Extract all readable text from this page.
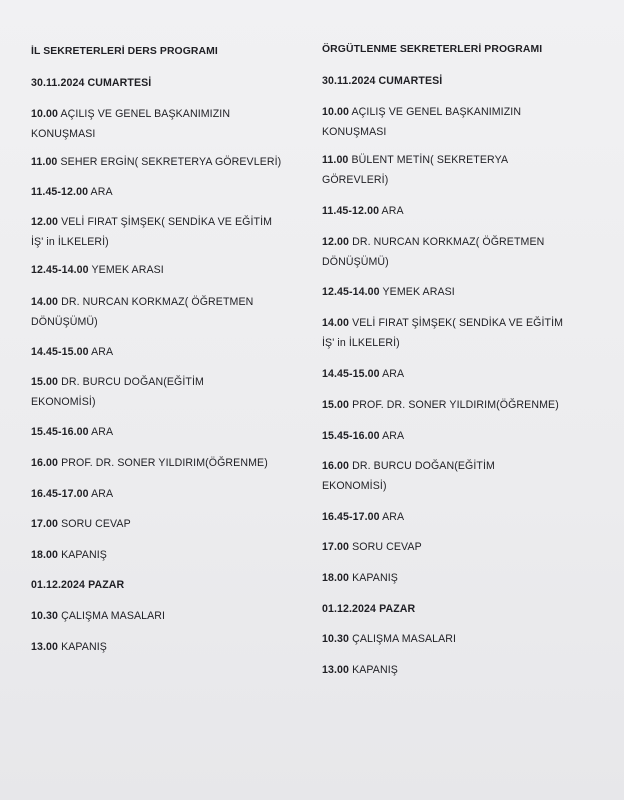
İL SEKRETERLERİ DERS PROGRAMI
30.11.2024 CUMARTESİ
10.00 AÇILIŞ VE GENEL BAŞKANIMIZIN
KONUŞMASI
11.00 SEHER ERGİN( SEKRETERYA GÖREVLERİ)
11.45-12.00 ARA
12.00 VELİ FIRAT ŞİMŞEK( SENDİKA VE EĞİTİM
İŞ' in İLKELERİ)
12.45-14.00 YEMEK ARASI
14.00 DR. NURCAN KORKMAZ( ÖĞRETMEN
DÖNÜŞÜMÜ)
14.45-15.00 ARA
15.00 DR. BURCU DOĞAN(EĞİTİM
EKONOMİSİ)
15.45-16.00 ARA
16.00 PROF. DR. SONER YILDIRIM(ÖĞRENME)
16.45-17.00 ARA
17.00 SORU CEVAP
18.00 KAPANIŞ
01.12.2024 PAZAR
10.30 ÇALIŞMA MASALARI
13.00 KAPANIŞ
ÖRGÜTLENME SEKRETERLERİ PROGRAMI
30.11.2024 CUMARTESİ
10.00 AÇILIŞ VE GENEL BAŞKANIMIZIN
KONUŞMASI
11.00 BÜLENT METİN( SEKRETERYA
GÖREVLERİ)
11.45-12.00 ARA
12.00 DR. NURCAN KORKMAZ( ÖĞRETMEN
DÖNÜŞÜMÜ)
12.45-14.00 YEMEK ARASI
14.00 VELİ FIRAT ŞİMŞEK( SENDİKA VE EĞİTİM
İŞ' in İLKELERİ)
14.45-15.00 ARA
15.00 PROF. DR. SONER YILDIRIM(ÖĞRENME)
15.45-16.00 ARA
16.00 DR. BURCU DOĞAN(EĞİTİM
EKONOMİSİ)
16.45-17.00 ARA
17.00 SORU CEVAP
18.00 KAPANIŞ
01.12.2024 PAZAR
10.30 ÇALIŞMA MASALARI
13.00 KAPANIŞ
